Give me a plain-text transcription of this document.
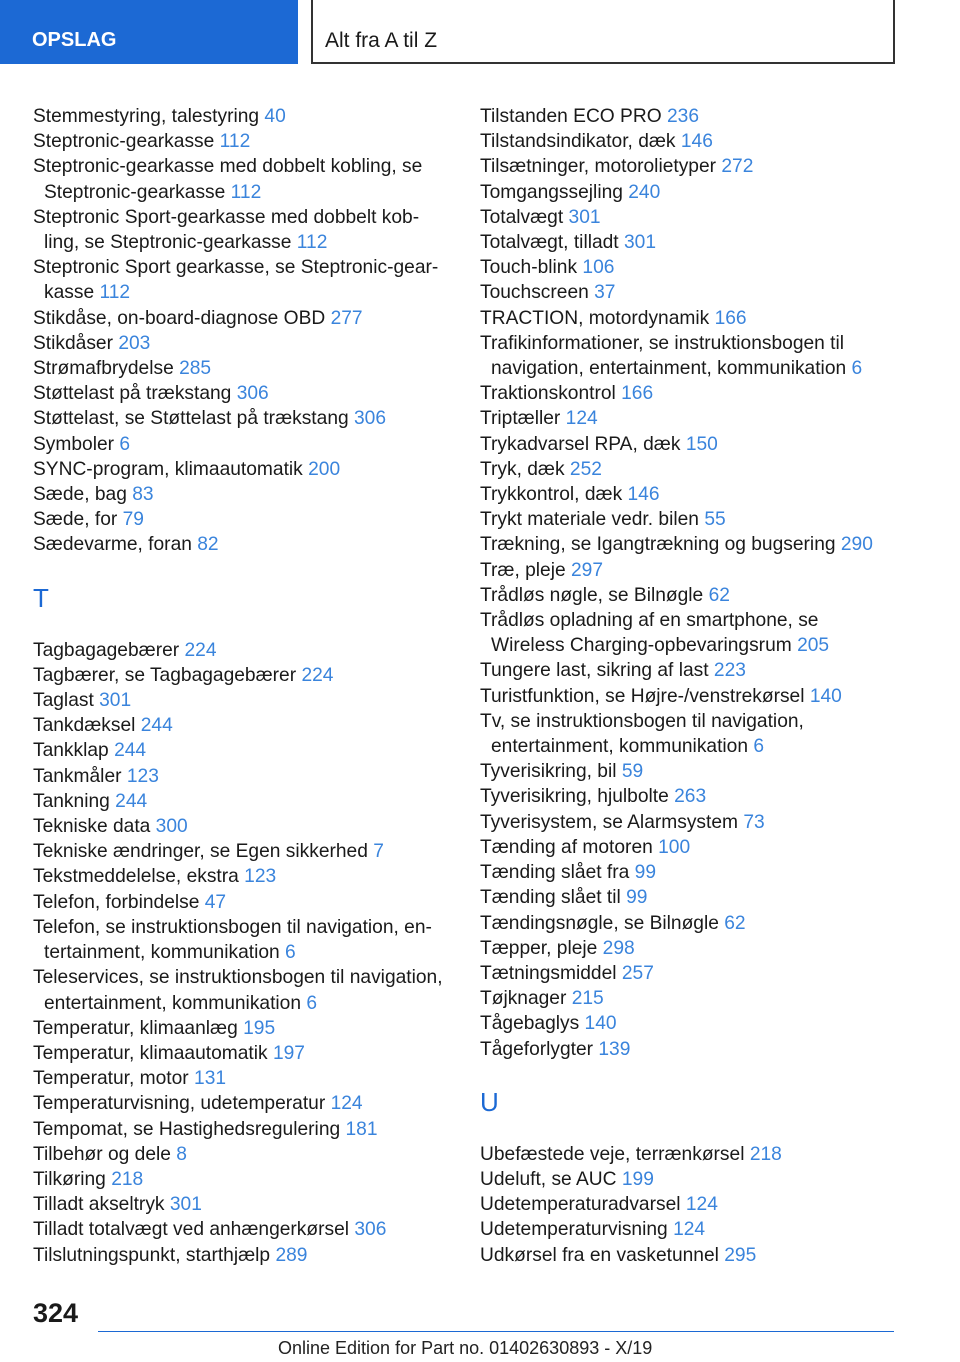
OPSLAG	Alt fra A til Z
Stemmestyring, talestyring 40
Steptronic-gearkasse 112
Steptronic-gearkasse med dobbelt kobling, se Steptronic-gearkasse 112
Steptronic Sport-gearkasse med dobbelt kobling, se Steptronic-gearkasse 112
Steptronic Sport gearkasse, se Steptronic-gearkasse 112
Stikdåse, on-board-diagnose OBD 277
Stikdåser 203
Strømafbrydelse 285
Støttelast på trækstang 306
Støttelast, se Støttelast på trækstang 306
Symboler 6
SYNC-program, klimaautomatik 200
Sæde, bag 83
Sæde, for 79
Sædevarme, foran 82
T
Tagbagagebærer 224
Tagbærer, se Tagbagagebærer 224
Taglast 301
Tankdæksel 244
Tankklap 244
Tankmåler 123
Tankning 244
Tekniske data 300
Tekniske ændringer, se Egen sikkerhed 7
Tekstmeddelelse, ekstra 123
Telefon, forbindelse 47
Telefon, se instruktionsbogen til navigation, entertainment, kommunikation 6
Teleservices, se instruktionsbogen til navigation, entertainment, kommunikation 6
Temperatur, klimaanlæg 195
Temperatur, klimaautomatik 197
Temperatur, motor 131
Temperaturvisning, udetemperatur 124
Tempomat, se Hastighedsregulering 181
Tilbehør og dele 8
Tilkøring 218
Tilladt akseltryk 301
Tilladt totalvægt ved anhængerkørsel 306
Tilslutningspunkt, starthjælp 289
Tilstanden ECO PRO 236
Tilstandsindikator, dæk 146
Tilsætninger, motorolietyper 272
Tomgangssejling 240
Totalvægt 301
Totalvægt, tilladt 301
Touch-blink 106
Touchscreen 37
TRACTION, motordynamik 166
Trafikinformationer, se instruktionsbogen til navigation, entertainment, kommunikation 6
Traktionskontrol 166
Triptæller 124
Trykadvarsel RPA, dæk 150
Tryk, dæk 252
Trykkontrol, dæk 146
Trykt materiale vedr. bilen 55
Trækning, se Igangtrækning og bugsering 290
Træ, pleje 297
Trådløs nøgle, se Bilnøgle 62
Trådløs opladning af en smartphone, se Wireless Charging-opbevaringsrum 205
Tungere last, sikring af last 223
Turistfunktion, se Højre-/venstrekørsel 140
Tv, se instruktionsbogen til navigation, entertainment, kommunikation 6
Tyverisikring, bil 59
Tyverisikring, hjulbolte 263
Tyverisystem, se Alarmsystem 73
Tænding af motoren 100
Tænding slået fra 99
Tænding slået til 99
Tændingsnøgle, se Bilnøgle 62
Tæpper, pleje 298
Tætningsmiddel 257
Tøjknager 215
Tågebaglys 140
Tågeforlygter 139
U
Ubefæstede veje, terrænkørsel 218
Udeluft, se AUC 199
Udetemperaturadvarsel 124
Udetemperaturvisning 124
Udkørsel fra en vasketunnel 295
324
Online Edition for Part no. 01402630893 - X/19
